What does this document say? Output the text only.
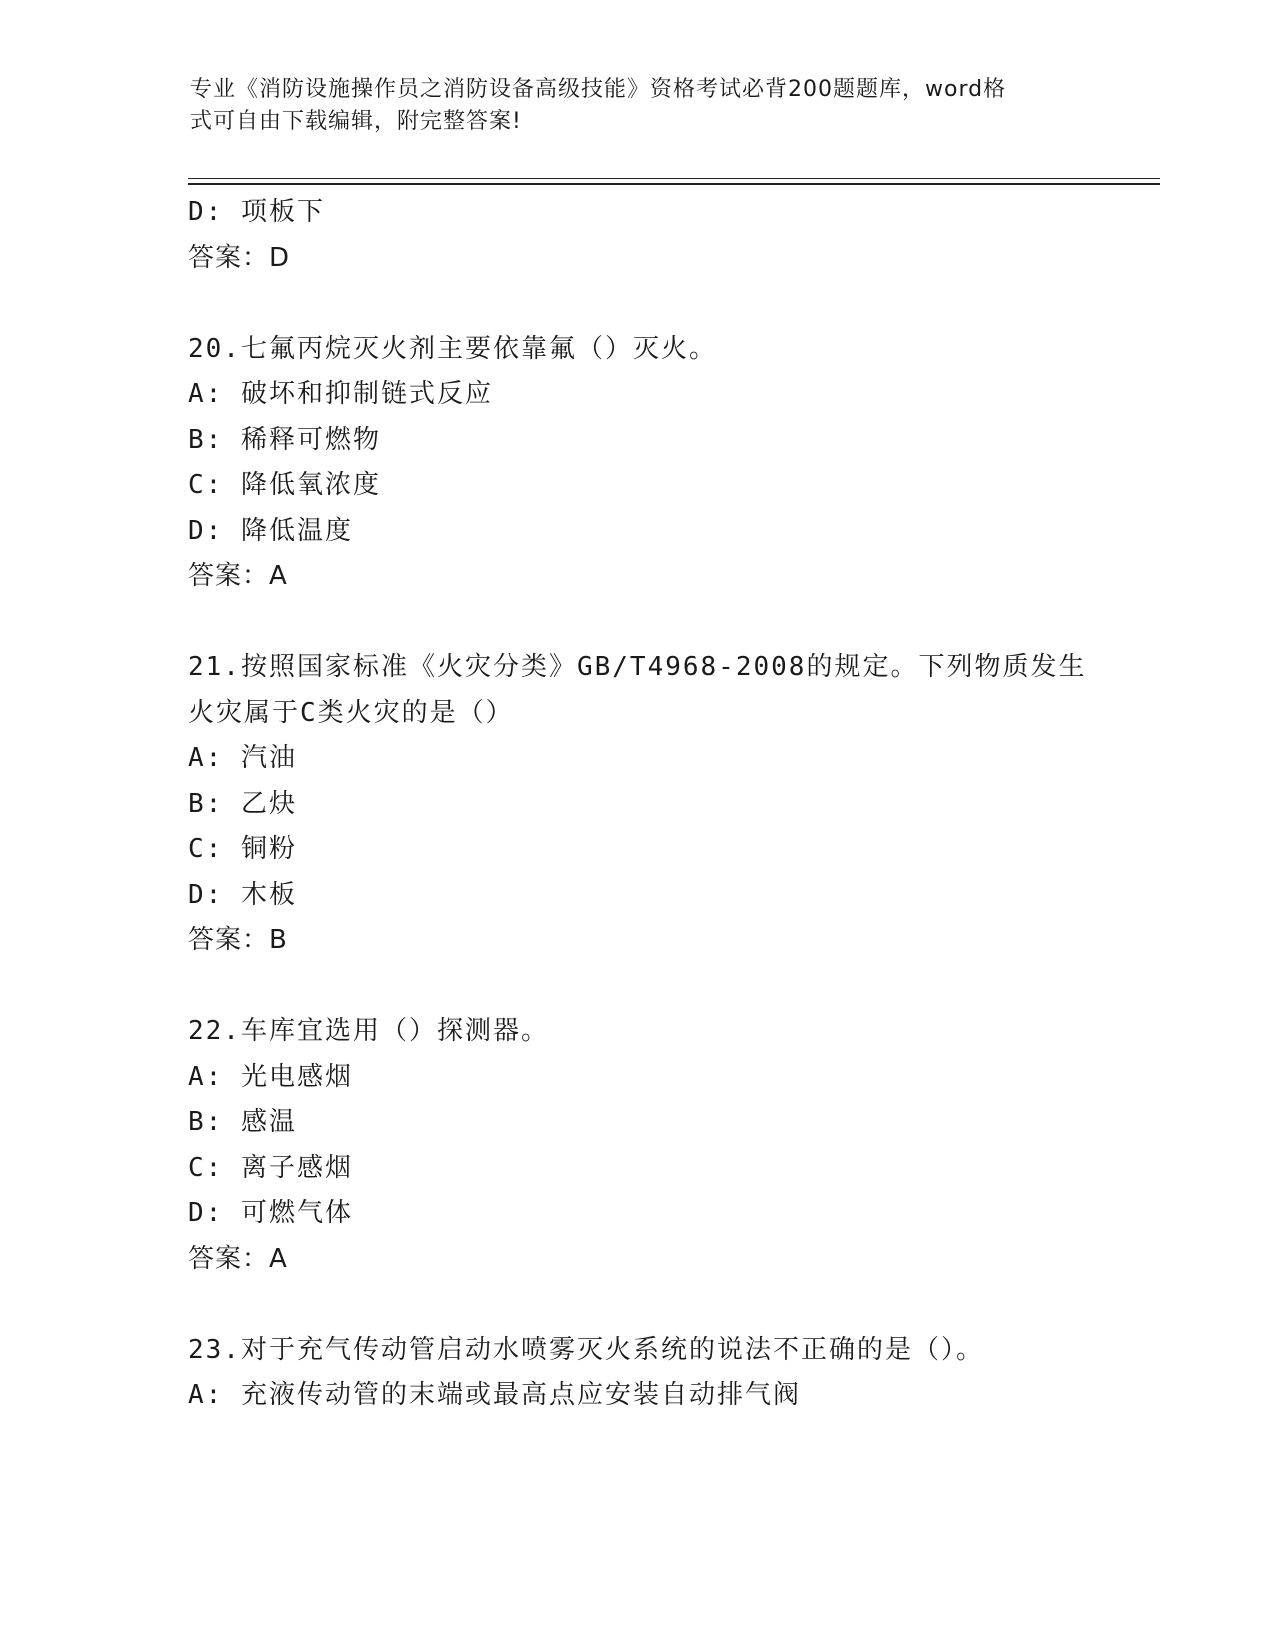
专业《消防设施操作员之消防设备高级技能》资格考试必背200题题库，word格
式可自由下载编辑，附完整答案!
D: 项板下
答案：D
20.七氟丙烷灭火剂主要依靠氟（）灭火。
A: 破坏和抑制链式反应
B: 稀释可燃物
C: 降低氧浓度
D: 降低温度
答案：A
21.按照国家标准《火灾分类》GB/T4968-2008的规定。下列物质发生
火灾属于C类火灾的是（）
A: 汽油
B: 乙炔
C: 铜粉
D: 木板
答案：B
22.车库宜选用（）探测器。
A: 光电感烟
B: 感温
C: 离子感烟
D: 可燃气体
答案：A
23.对于充气传动管启动水喷雾灭火系统的说法不正确的是（）。
A: 充液传动管的末端或最高点应安装自动排气阀
